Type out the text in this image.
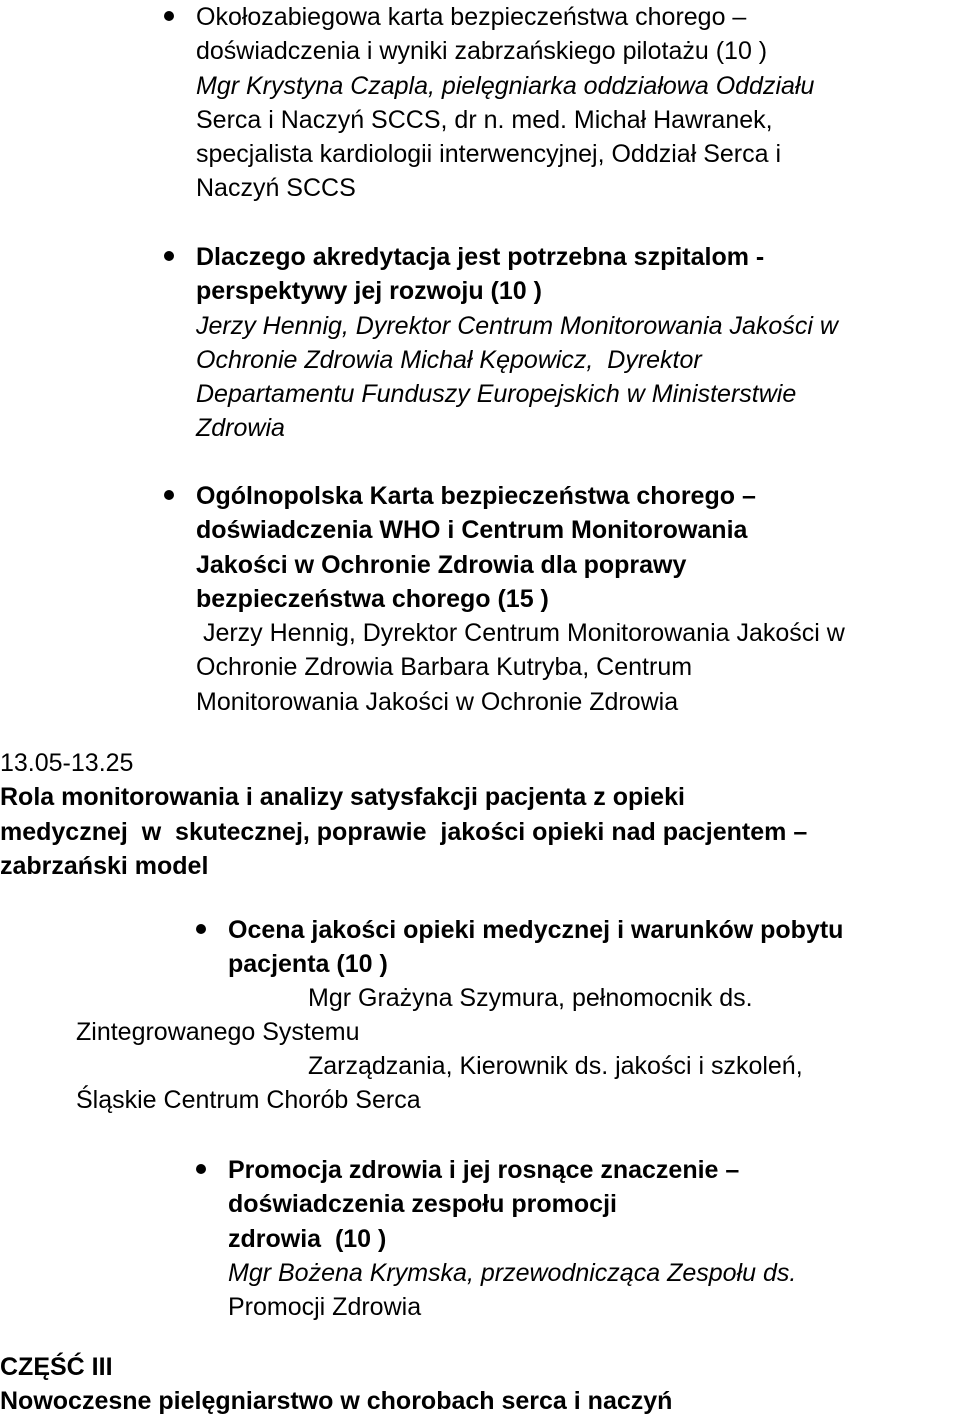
Okołozabiegowa karta bezpieczeństwa chorego –
doświadczenia i wyniki zabrzańskiego pilotażu (10 )
Mgr Krystyna Czapla, pielęgniarka oddziałowa Oddziału
Serca i Naczyń SCCS, dr n. med. Michał Hawranek,
specjalista kardiologii interwencyjnej, Oddział Serca i
Naczyń SCCS
Dlaczego akredytacja jest potrzebna szpitalom -
perspektywy jej rozwoju (10 )
Jerzy Hennig, Dyrektor Centrum Monitorowania Jakości w
Ochronie Zdrowia Michał Kępowicz,  Dyrektor
Departamentu Funduszy Europejskich w Ministerstwie
Zdrowia
Ogólnopolska Karta bezpieczeństwa chorego –
doświadczenia WHO i Centrum Monitorowania
Jakości w Ochronie Zdrowia dla poprawy
bezpieczeństwa chorego (15 )
Jerzy Hennig, Dyrektor Centrum Monitorowania Jakości w
Ochronie Zdrowia Barbara Kutryba, Centrum
Monitorowania Jakości w Ochronie Zdrowia
13.05-13.25
Rola monitorowania i analizy satysfakcji pacjenta z opieki
medycznej  w  skutecznej, poprawie  jakości opieki nad pacjentem –
zabrzański model
Ocena jakości opieki medycznej i warunków pobytu
pacjenta (10 )

Mgr Grażyna Szymura, pełnomocnik ds.

Zintegrowanego Systemu

Zarządzania, Kierownik ds. jakości i szkoleń,

Śląskie Centrum Chorób Serca

Promocja zdrowia i jej rosnące znaczenie –
doświadczenia zespołu promocji
zdrowia  (10 )
Mgr Bożena Krymska, przewodnicząca Zespołu ds.
Promocji Zdrowia
CZĘŚĆ III
Nowoczesne pielęgniarstwo w chorobach serca i naczyń
